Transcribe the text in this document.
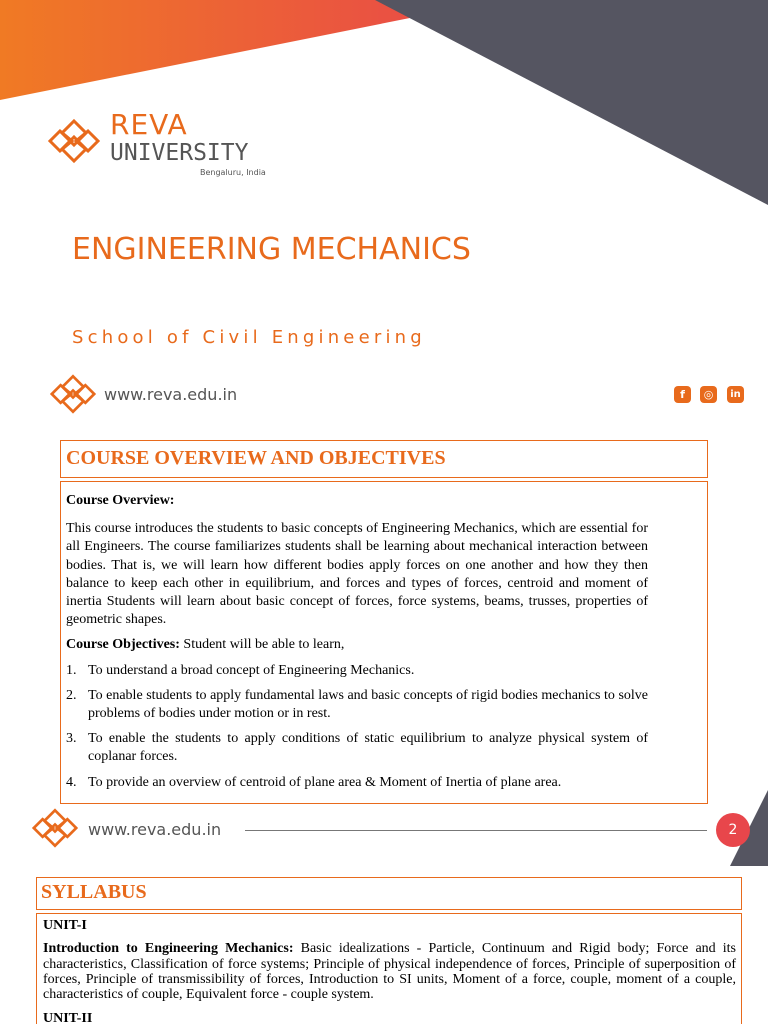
REVA
UNIVERSITY
Bengaluru, India
ENGINEERING MECHANICS
School of Civil Engineering
www.reva.edu.in	f	◎	in
COURSE OVERVIEW AND OBJECTIVES

Course Overview:

This course introduces the students to basic concepts of Engineering Mechanics, which are essential for all Engineers. The course familiarizes students shall be learning about mechanical interaction between bodies. That is, we will learn how different bodies apply forces on one another and how they then balance to keep each other in equilibrium, and forces and types of forces, centroid and moment of inertia Students will learn about basic concept of forces, force systems, beams, trusses, properties of geometric shapes.

Course Objectives: Student will be able to learn,

1. To understand a broad concept of Engineering Mechanics.
2. To enable students to apply fundamental laws and basic concepts of rigid bodies mechanics to solve problems of bodies under motion or in rest.
3. To enable the students to apply conditions of static equilibrium to analyze physical system of coplanar forces.
4. To provide an overview of centroid of plane area & Moment of Inertia of plane area.
www.reva.edu.in	2
SYLLABUS

UNIT-I

Introduction to Engineering Mechanics: Basic idealizations - Particle, Continuum and Rigid body; Force and its characteristics, Classification of force systems; Principle of physical independence of forces, Principle of superposition of forces, Principle of transmissibility of forces, Introduction to SI units, Moment of a force, couple, moment of a couple, characteristics of couple, Equivalent force - couple system.

UNIT-II
